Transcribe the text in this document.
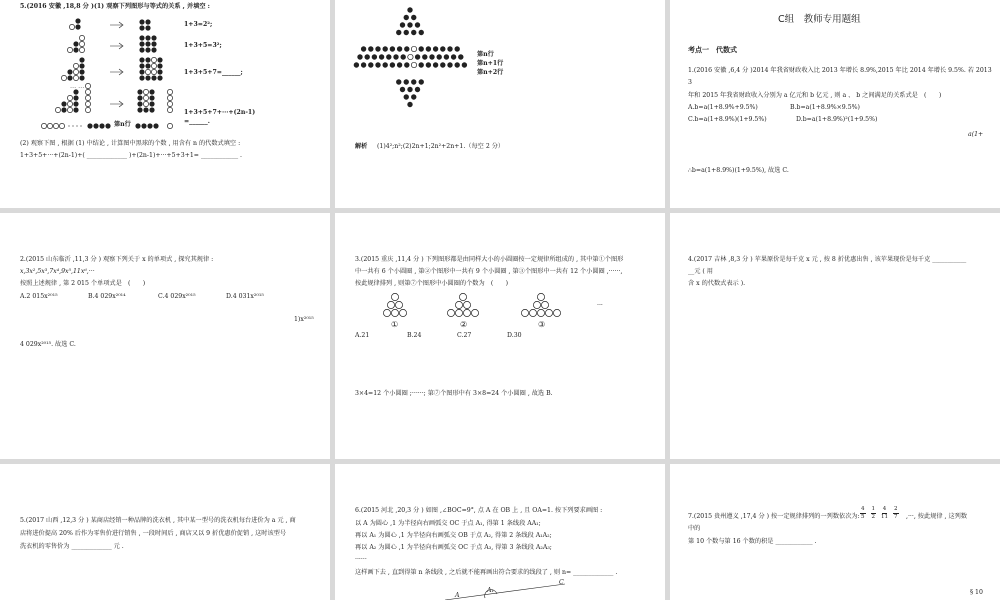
5.(2016 安徽 ,18,8 分 )(1) 观察下列图形与等式的关系 , 并填空 :
1+3=2²;
1+3+5=3²;
1+3+5+7=______;
… …
1+3+5+7+···+(2n-1)
=______.
第n行
(2) 观察下图 , 根据 (1) 中结论 , 计算图中黑球的个数 , 用含有 n 的代数式填空 :
1+3+5+···+(2n-1)+( _____________ )+(2n-1)+···+5+3+1= ____________ .
第n行
第n+1行
第n+2行
解析 (1)4²;n²;(2)2n+1;2n²+2n+1.（每空 2 分）
C组　教师专用题组
考点一　代数式
1.(2016 安徽 ,6,4 分 )2014 年我省财政收入比 2013 年增长 8.9%,2015 年比 2014 年增长 9.5%. 若 2013
3
年和 2015 年我省财政收入分别为 a 亿元和 b 亿元 , 则 a 、 b 之间满足的关系式是　(　　)
A.b=a(1+8.9%+9.5%)	B.b=a(1+8.9%×9.5%)
C.b=a(1+8.9%)(1+9.5%)	D.b=a(1+8.9%)²(1+9.5%)
a(1+
∴b=a(1+8.9%)(1+9.5%), 故选 C.
2.(2015 山东临沂 ,11,3 分 ) 观察下列关于 x 的单项式 , 探究其规律 :
x,3x²,5x³,7x⁴,9x⁵,11x⁶,···
按照上述规律 , 第 2 015 个单项式是　(　　)
A.2 015x²⁰¹⁵	B.4 029x²⁰¹⁴	C.4 029x²⁰¹⁵	D.4 031x²⁰¹⁵
1)x²⁰¹⁵
4 029x²⁰¹⁵. 故选 C.
3.(2015 重庆 ,11,4 分 ) 下列图形都是由同样大小的小圆圈按一定规律所组成的 , 其中第①个图形
中一共有 6 个小圆圈 , 第②个图形中一共有 9 个小圆圈 , 第③个图形中一共有 12 个小圆圈 ,······,
按此规律排列 , 则第⑦个图形中小圆圈的个数为　(　　)
①	②	③
···
A.21	B.24	C.27	D.30
3×4=12 个小圆圈 ;······; 第⑦个图形中有 3×8=24 个小圆圈 , 故选 B.
4.(2017 吉林 ,8,3 分 ) 苹果原价是每千克 x 元 , 按 8 折优惠出售 , 该苹果现价是每千克 ___________
__元 ( 用
含 x 的代数式表示 ).
5.(2017 山西 ,12,3 分 ) 某商店经销一种品牌的洗衣机 , 其中某一型号的洗衣机每台进价为 a 元 , 商
店将进价提高 20% 后作为零售价进行销售 , 一段时间后 , 商店又以 9 折优惠价促销 , 这时该型号
洗衣机的零售价为 _____________ 元 .
6.(2015 河北 ,20,3 分 ) 如图 ,∠BOC=9°, 点 A 在 OB 上 , 且 OA=1. 按下列要求画图 :
以 A 为圆心 ,1 为半径向右画弧交 OC 于点 A₁, 得第 1 条线段 AA₁;
再以 A₁ 为圆心 ,1 为半径向右画弧交 OB 于点 A₂, 得第 2 条线段 A₁A₂;
再以 A₂ 为圆心 ,1 为半径向右画弧交 OC 于点 A₃, 得第 3 条线段 A₂A₃;
······
这样画下去 , 直到得第 n 条线段 , 之后就不能再画出符合要求的线段了 , 则 n= _____________ .
A₁
C
A
7.(2015 贵州遵义 ,17,4 分 ) 按一定规律排列的一列数依次为:
4
5
1
2
4
11
2
7 ,···, 按此规律 , 这列数
中的
第 10 个数与第 16 个数的积是 ____________ .
§ 10
